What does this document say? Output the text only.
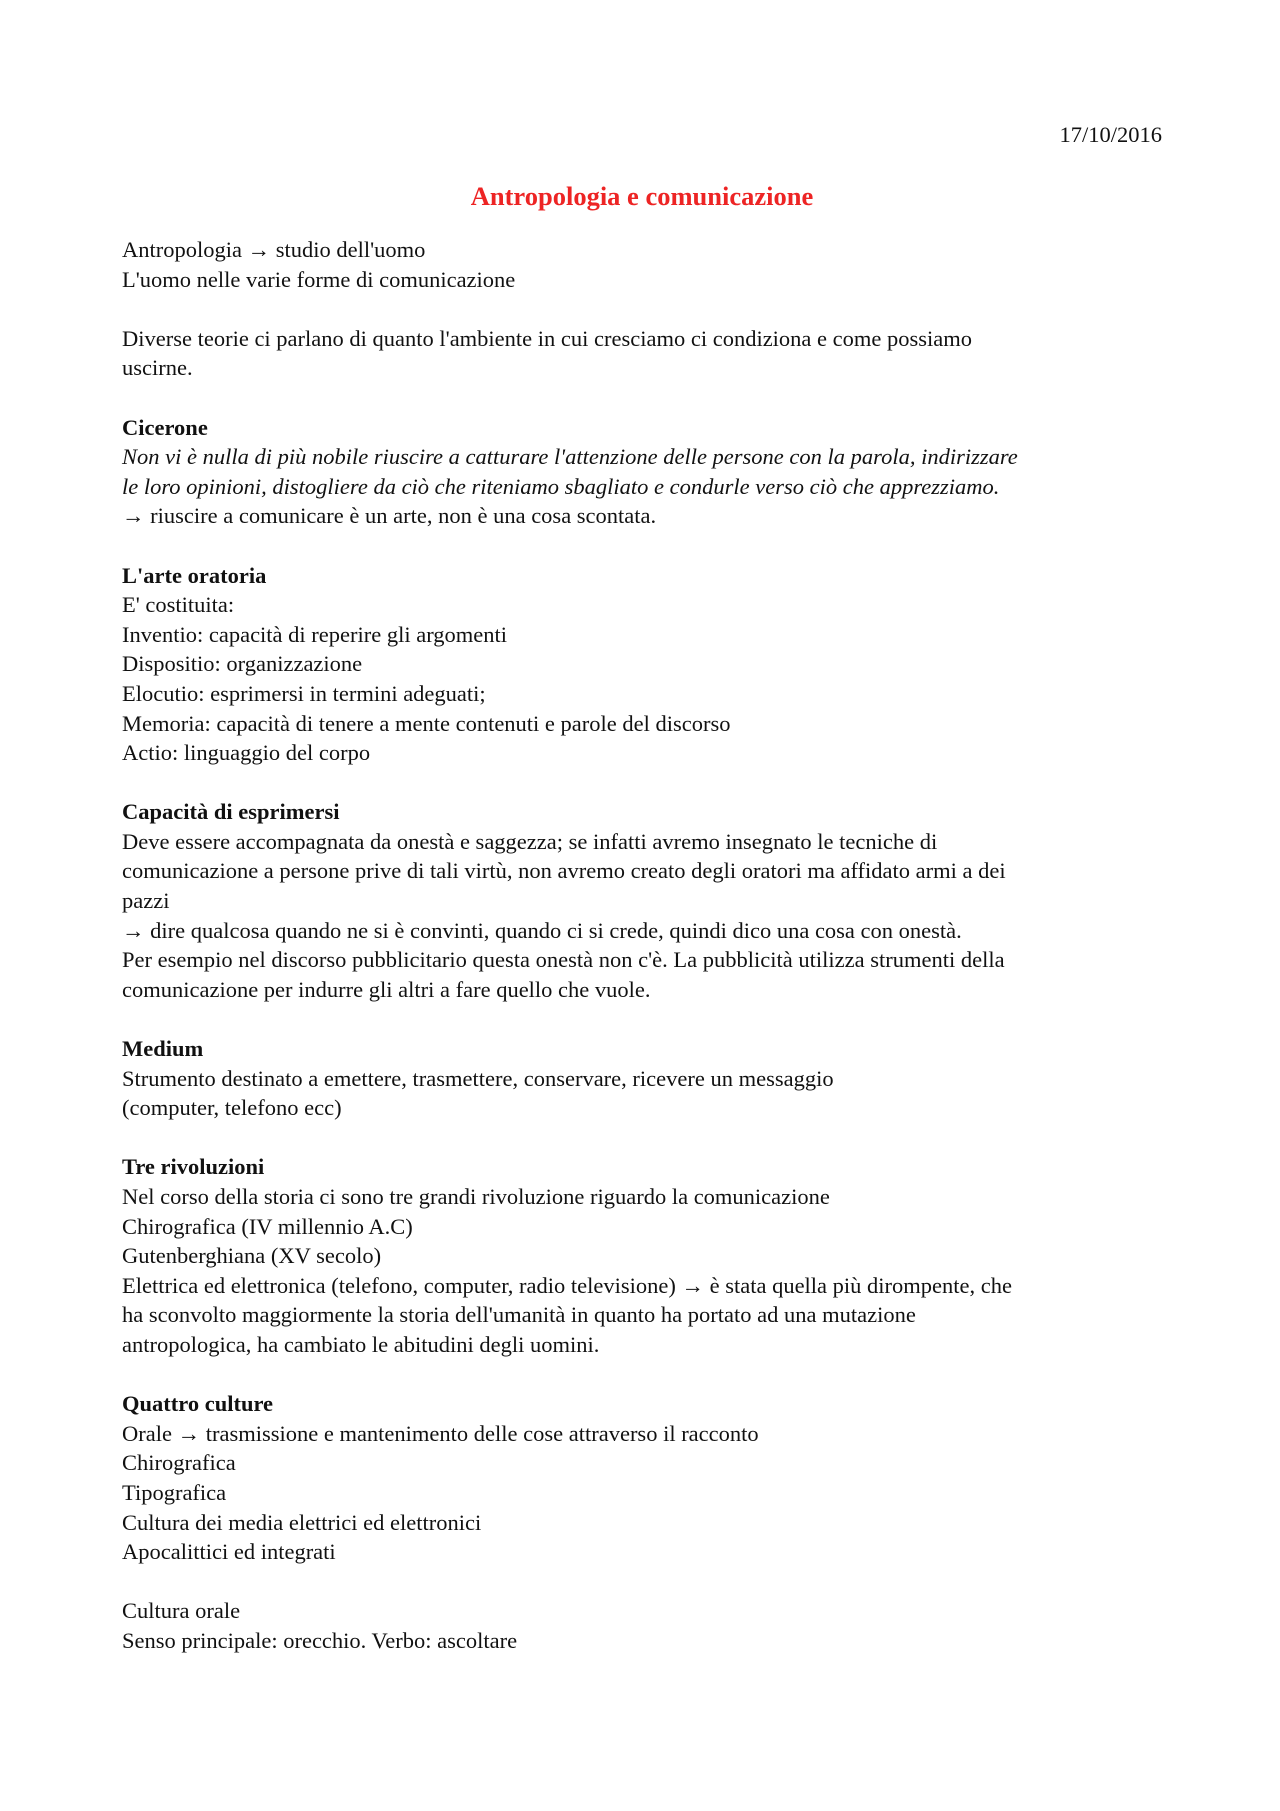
17/10/2016
Antropologia e comunicazione
Antropologia → studio dell'uomo
L'uomo nelle varie forme di comunicazione
Diverse teorie ci parlano di quanto l'ambiente in cui cresciamo ci condiziona e come possiamo
uscirne.
Cicerone
Non vi è nulla di più nobile riuscire a catturare l'attenzione delle persone con la parola, indirizzare
le loro opinioni, distogliere da ciò che riteniamo sbagliato e condurle verso ciò che apprezziamo.
→ riuscire a comunicare è un arte, non è una cosa scontata.
L'arte oratoria
E' costituita:
Inventio: capacità di reperire gli argomenti
Dispositio: organizzazione
Elocutio: esprimersi in termini adeguati;
Memoria: capacità di tenere a mente contenuti e parole del discorso
Actio: linguaggio del corpo
Capacità di esprimersi
Deve essere accompagnata da onestà e saggezza; se infatti avremo insegnato le tecniche di
comunicazione a persone prive di tali virtù, non avremo creato degli oratori ma affidato armi a dei
pazzi
→ dire qualcosa quando ne si è convinti, quando ci si crede, quindi dico una cosa con onestà.
Per esempio nel discorso pubblicitario questa onestà non c'è. La pubblicità utilizza strumenti della
comunicazione per indurre gli altri a fare quello che vuole.
Medium
Strumento destinato a emettere, trasmettere, conservare, ricevere un messaggio
(computer, telefono ecc)
Tre rivoluzioni
Nel corso della storia ci sono tre grandi rivoluzione riguardo la comunicazione
Chirografica (IV millennio A.C)
Gutenberghiana (XV secolo)
Elettrica ed elettronica (telefono, computer, radio televisione) → è stata quella più dirompente, che
ha sconvolto maggiormente la storia dell'umanità in quanto ha portato ad una mutazione
antropologica, ha cambiato le abitudini degli uomini.
Quattro culture
Orale → trasmissione e mantenimento delle cose attraverso il racconto
Chirografica
Tipografica
Cultura dei media elettrici ed elettronici
Apocalittici ed integrati
Cultura orale
Senso principale: orecchio. Verbo: ascoltare
